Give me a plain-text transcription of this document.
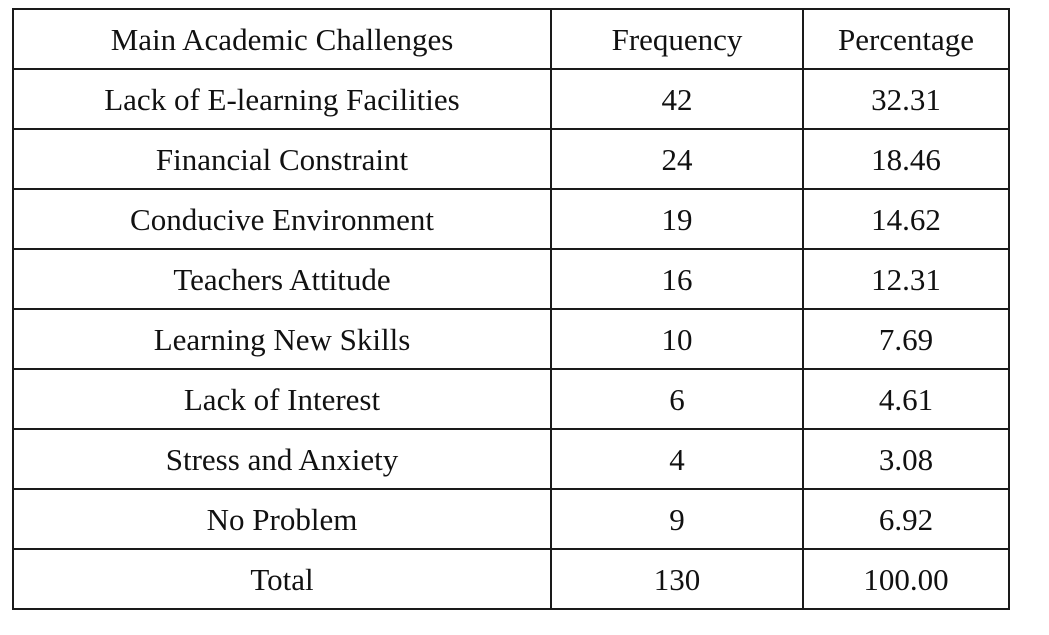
Main Academic Challenges	Frequency	Percentage
Lack of E-learning Facilities	42	32.31
Financial Constraint	24	18.46
Conducive Environment	19	14.62
Teachers Attitude	16	12.31
Learning New Skills	10	7.69
Lack of Interest	6	4.61
Stress and Anxiety	4	3.08
No Problem	9	6.92
Total	130	100.00
